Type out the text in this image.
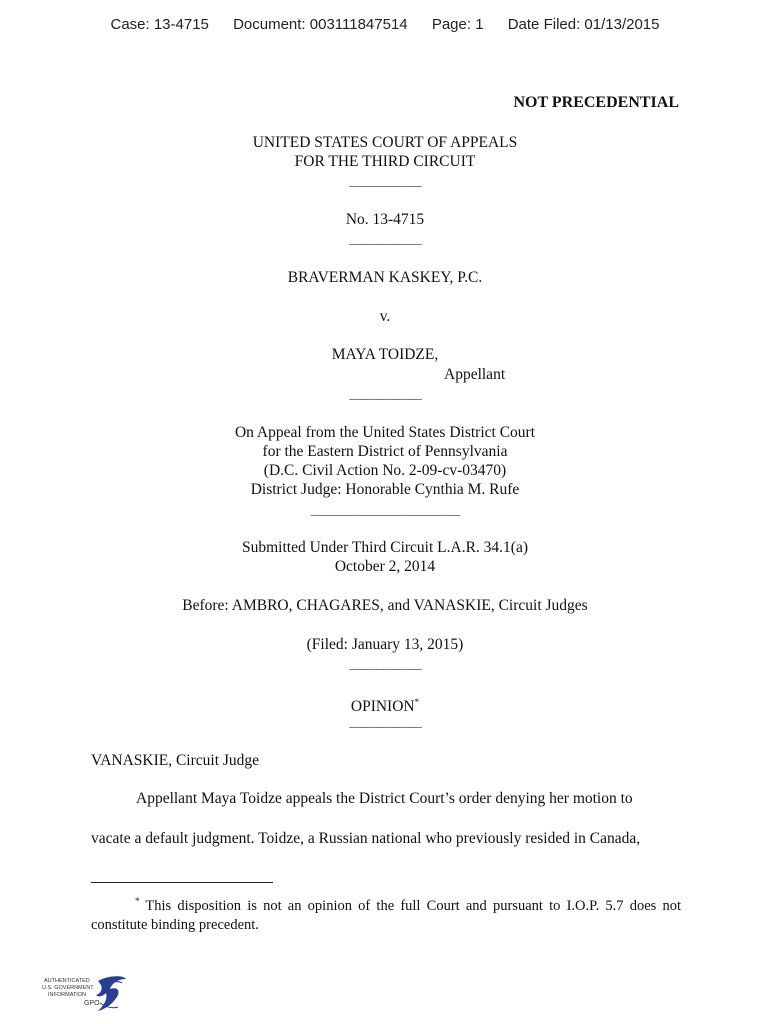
Case: 13-4715 Document: 003111847514 Page: 1 Date Filed: 01/13/2015
NOT PRECEDENTIAL
UNITED STATES COURT OF APPEALS
FOR THE THIRD CIRCUIT
_____________
No. 13-4715
_____________
BRAVERMAN KASKEY, P.C.
v.
MAYA TOIDZE,
Appellant
_____________
On Appeal from the United States District Court
for the Eastern District of Pennsylvania
(D.C. Civil Action No. 2-09-cv-03470)
District Judge: Honorable Cynthia M. Rufe
___________________________
Submitted Under Third Circuit L.A.R. 34.1(a)
October 2, 2014
Before: AMBRO, CHAGARES, and VANASKIE, Circuit Judges
(Filed: January 13, 2015)
_____________
OPINION*
_____________
VANASKIE, Circuit Judge
Appellant Maya Toidze appeals the District Court’s order denying her motion to
vacate a default judgment. Toidze, a Russian national who previously resided in Canada,
* This disposition is not an opinion of the full Court and pursuant to I.O.P. 5.7 does not constitute binding precedent.
AUTHENTICATED
U.S. GOVERNMENT
INFORMATION
GPO
